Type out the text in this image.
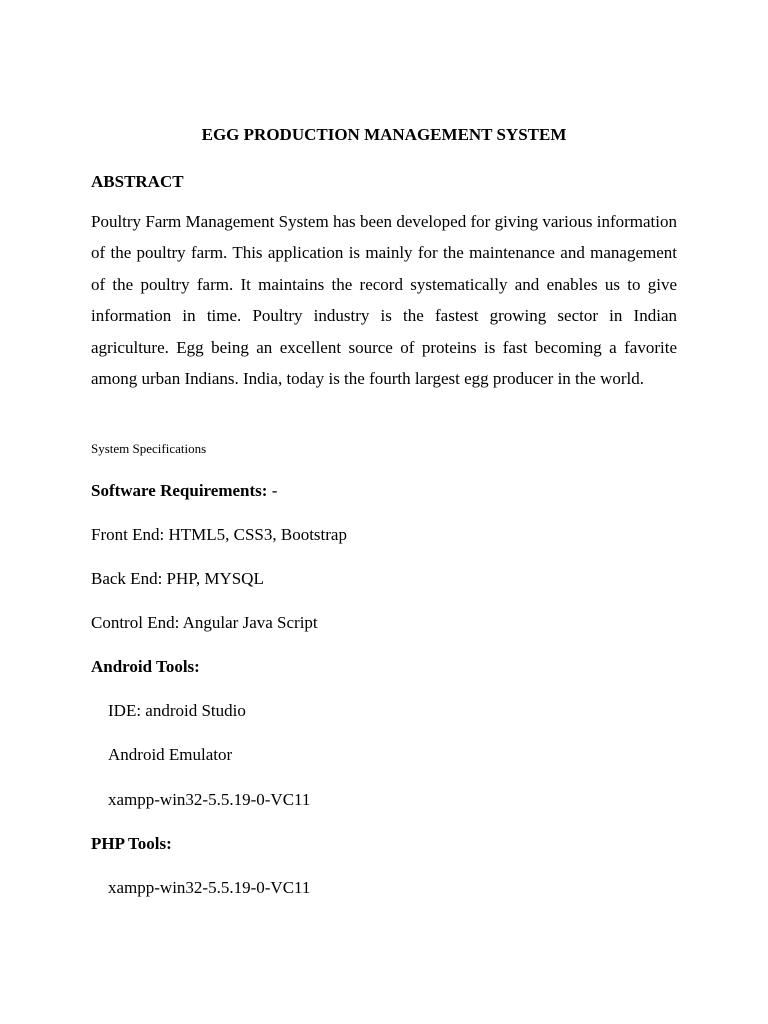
EGG PRODUCTION MANAGEMENT SYSTEM
ABSTRACT

Poultry Farm Management System has been developed for giving various information of the poultry farm. This application is mainly for the maintenance and management of the poultry farm. It maintains the record systematically and enables us to give information in time. Poultry industry is the fastest growing sector in Indian agriculture. Egg being an excellent source of proteins is fast becoming a favorite among urban Indians. India, today is the fourth largest egg producer in the world.

System Specifications
Software Requirements: -
Front End: HTML5, CSS3, Bootstrap
Back End: PHP, MYSQL
Control End: Angular Java Script
Android Tools:
IDE: android Studio
Android Emulator
xampp-win32-5.5.19-0-VC11
PHP Tools:
xampp-win32-5.5.19-0-VC11
